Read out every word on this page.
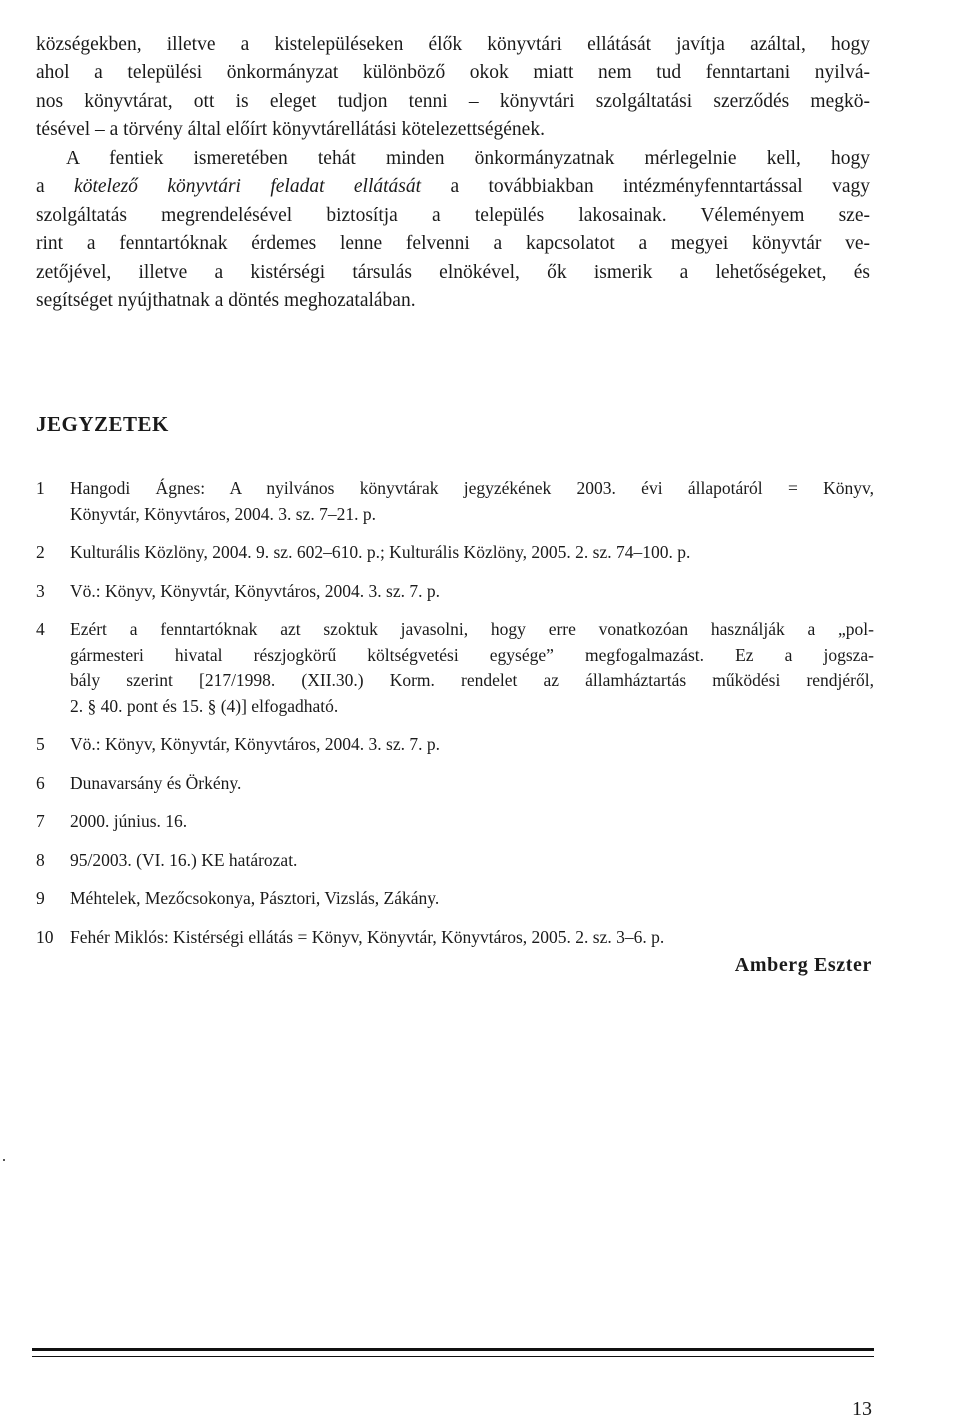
községekben, illetve a kistelepüléseken élők könyvtári ellátását javítja azáltal, hogy
ahol a települési önkormányzat különböző okok miatt nem tud fenntartani nyilvá-
nos könyvtárat, ott is eleget tudjon tenni – könyvtári szolgáltatási szerződés megkö-
tésével – a törvény által előírt könyvtárellátási kötelezettségének.
A fentiek ismeretében tehát minden önkormányzatnak mérlegelnie kell, hogy
a kötelező könyvtári feladat ellátását a továbbiakban intézményfenntartással vagy
szolgáltatás megrendelésével biztosítja a település lakosainak. Véleményem sze-
rint a fenntartóknak érdemes lenne felvenni a kapcsolatot a megyei könyvtár ve-
zetőjével, illetve a kistérségi társulás elnökével, ők ismerik a lehetőségeket, és
segítséget nyújthatnak a döntés meghozatalában.
JEGYZETEK
1	Hangodi Ágnes: A nyilvános könyvtárak jegyzékének 2003. évi állapotáról = Könyv,
Könyvtár, Könyvtáros, 2004. 3. sz. 7–21. p.
2	Kulturális Közlöny, 2004. 9. sz. 602–610. p.; Kulturális Közlöny, 2005. 2. sz. 74–100. p.
3	Vö.: Könyv, Könyvtár, Könyvtáros, 2004. 3. sz. 7. p.
4	Ezért a fenntartóknak azt szoktuk javasolni, hogy erre vonatkozóan használják a „pol-
gármesteri hivatal részjogkörű költségvetési egysége” megfogalmazást. Ez a jogsza-
bály szerint [217/1998. (XII.30.) Korm. rendelet az államháztartás működési rendjéről,
2. § 40. pont és 15. § (4)] elfogadható.
5	Vö.: Könyv, Könyvtár, Könyvtáros, 2004. 3. sz. 7. p.
6	Dunavarsány és Örkény.
7	2000. június. 16.
8	95/2003. (VI. 16.) KE határozat.
9	Méhtelek, Mezőcsokonya, Pásztori, Vizslás, Zákány.
10 Fehér Miklós: Kistérségi ellátás = Könyv, Könyvtár, Könyvtáros, 2005. 2. sz. 3–6. p.
Amberg Eszter
13
